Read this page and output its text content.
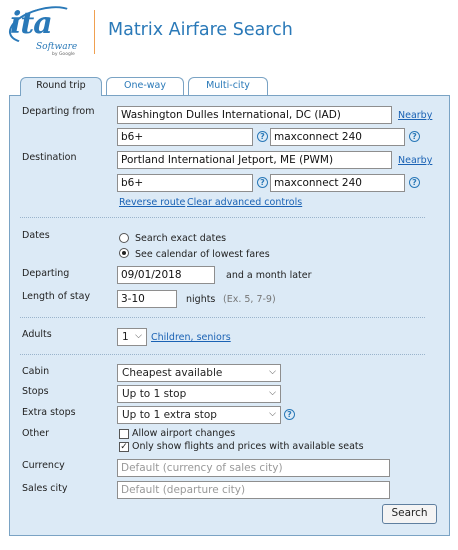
ita
Software
by Google
Matrix Airfare Search
Round trip	One-way	Multi-city
Departing from	Washington Dulles International, DC (IAD)	Nearby
b6+	? maxconnect 240	?
Destination	Portland International Jetport, ME (PWM)	Nearby
b6+	? maxconnect 240	?
Reverse route Clear advanced controls
Dates	Search exact dates
See calendar of lowest fares
Departing	09/01/2018	and a month later
Length of stay	3-10	nights (Ex. 5, 7-9)
Adults	1 ⌵ Children, seniors
Cabin	Cheapest available	⌵
Stops	Up to 1 stop	⌵
Extra stops	Up to 1 extra stop	⌵	?
Other	Allow airport changes
✓ Only show flights and prices with available seats
Currency	Default (currency of sales city)
Sales city	Default (departure city)
Search
